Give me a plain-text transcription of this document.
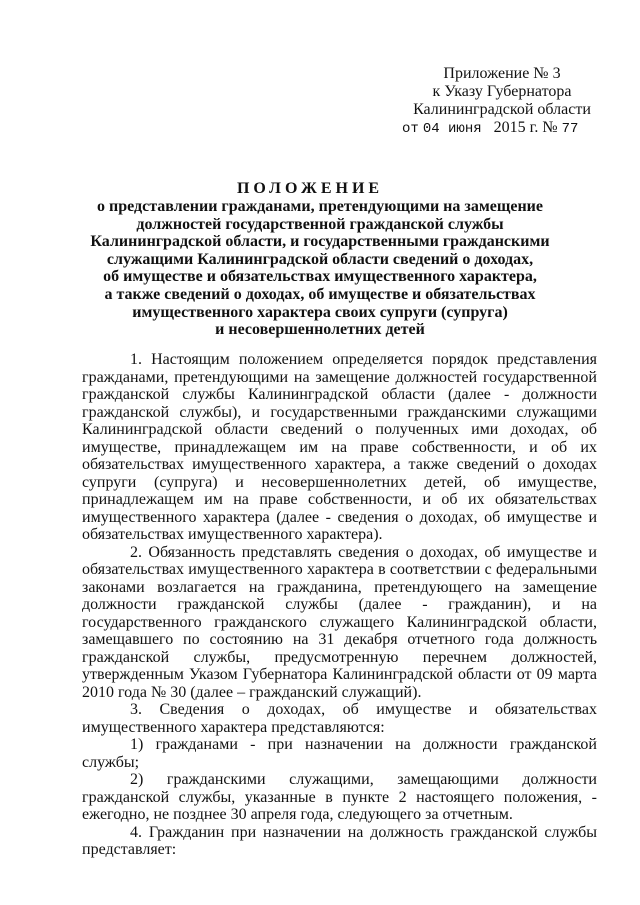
Приложение № 3
к Указу Губернатора
Калининградской области
от 04 июня 2015 г. № 77
ПОЛОЖЕНИЕ
о представлении гражданами, претендующими на замещение
должностей государственной гражданской службы
Калининградской области, и государственными гражданскими
служащими Калининградской области сведений о доходах,
об имуществе и обязательствах имущественного характера,
а также сведений о доходах, об имуществе и обязательствах
имущественного характера своих супруги (супруга)
и несовершеннолетних детей

1. Настоящим положением определяется порядок представления гражданами, претендующими на замещение должностей государственной гражданской службы Калининградской области (далее - должности гражданской службы), и государственными гражданскими служащими Калининградской области сведений о полученных ими доходах, об имуществе, принадлежащем им на праве собственности, и об их обязательствах имущественного характера, а также сведений о доходах супруги (супруга) и несовершеннолетних детей, об имуществе, принадлежащем им на праве собственности, и об их обязательствах имущественного характера (далее - сведения о доходах, об имуществе и обязательствах имущественного характера).

2. Обязанность представлять сведения о доходах, об имуществе и обязательствах имущественного характера в соответствии с федеральными законами возлагается на гражданина, претендующего на замещение должности гражданской службы (далее - гражданин), и на государственного гражданского служащего Калининградской области, замещавшего по состоянию на 31 декабря отчетного года должность гражданской службы, предусмотренную перечнем должностей, утвержденным Указом Губернатора Калининградской области от 09 марта 2010 года № 30 (далее – гражданский служащий).

3. Сведения о доходах, об имуществе и обязательствах имущественного характера представляются:

1) гражданами - при назначении на должности гражданской службы;

2) гражданскими служащими, замещающими должности гражданской службы, указанные в пункте 2 настоящего положения, - ежегодно, не позднее 30 апреля года, следующего за отчетным.

4. Гражданин при назначении на должность гражданской службы представляет:
